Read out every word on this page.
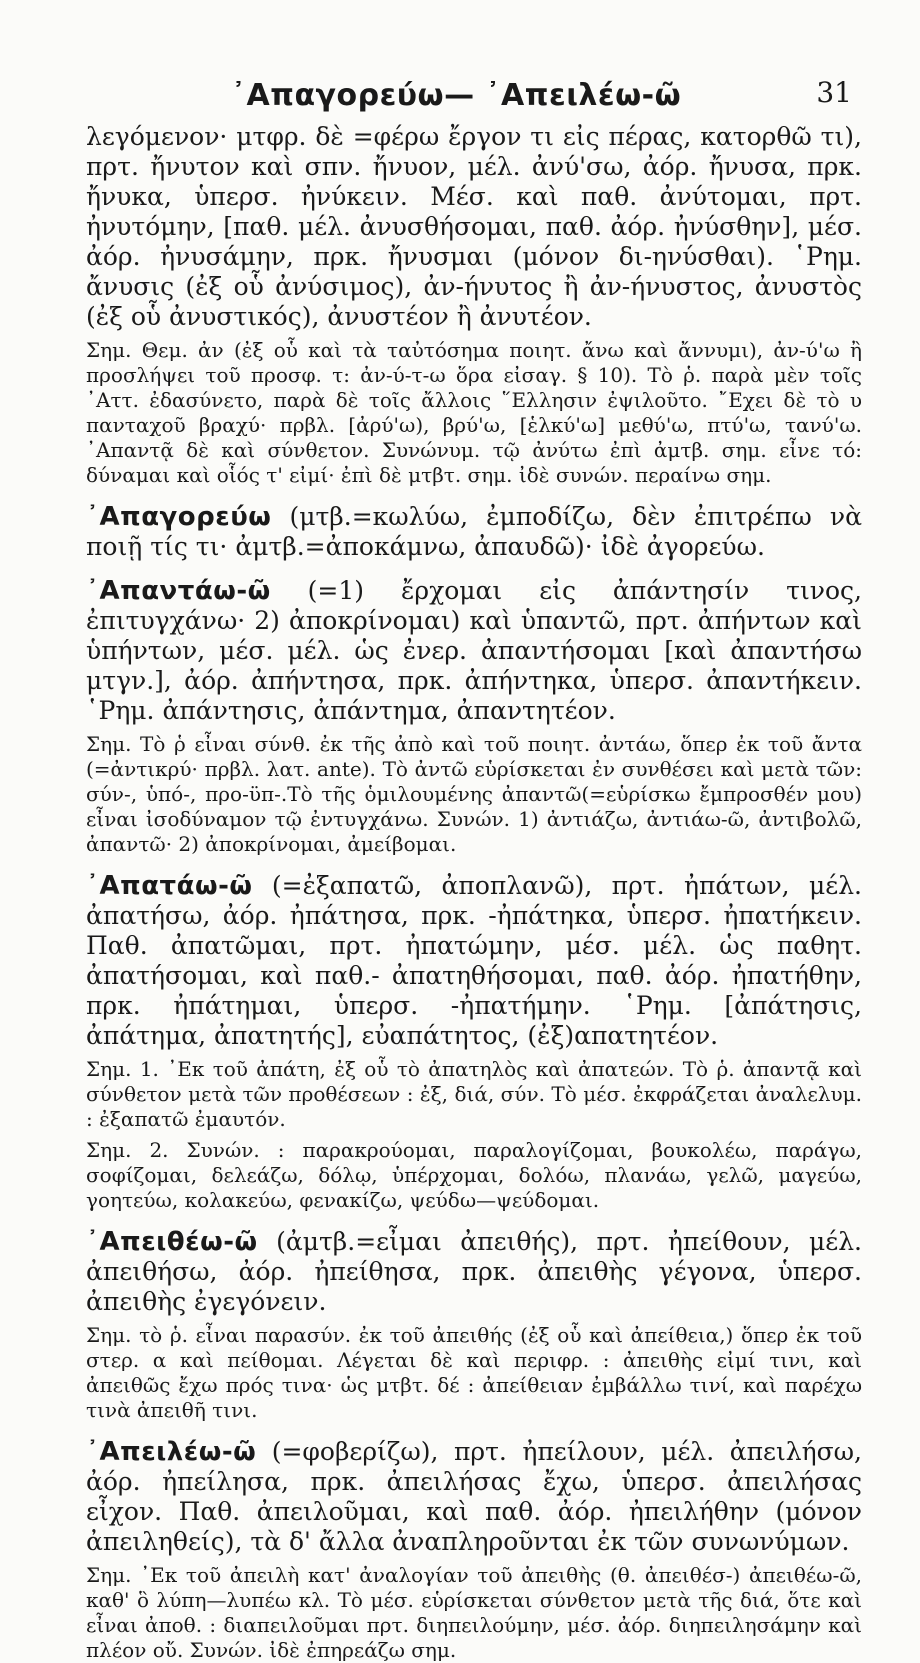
᾿Απαγορεύω— ᾿Απειλέω-ῶ	31

λεγόμενον· μτφρ. δὲ =φέρω ἔργον τι εἰς πέρας, κατορθῶ τι), πρτ. ἤνυτον καὶ σπν. ἤνυον, μέλ. ἀνύ'σω, ἀόρ. ἤνυσα, πρκ. ἤνυκα, ὑπερσ. ἠνύκειν. Μέσ. καὶ παθ. ἀνύτομαι, πρτ. ἠνυτόμην, [παθ. μέλ. ἀνυσθήσομαι, παθ. ἀόρ. ἠνύσθην], μέσ. ἀόρ. ἠνυσάμην, πρκ. ἤνυσμαι (μόνον δι-ηνύσθαι). ῾Ρημ. ἄνυσις (ἐξ οὗ ἀνύσιμος), ἀν-ήνυτος ἢ ἀν-ήνυστος, ἀνυστὸς (ἐξ οὗ ἀνυστικός), ἀνυστέον ἢ ἀνυτέον.

Σημ. Θεμ. ἀν (ἐξ οὗ καὶ τὰ ταὐτόσημα ποιητ. ἄνω καὶ ἄννυμι), ἀν-ύ'ω ἢ προσλήψει τοῦ προσφ. τ: ἀν-ύ-τ-ω ὅρα εἰσαγ. § 10). Τὸ ῥ. παρὰ μὲν τοῖς ᾿Αττ. ἐδασύνετο, παρὰ δὲ τοῖς ἄλλοις ῞Ελλησιν ἐψιλοῦτο. ῎Εχει δὲ τὸ υ πανταχοῦ βραχύ· πρβλ. [ἀρύ'ω), βρύ'ω, [ἑλκύ'ω] μεθύ'ω, πτύ'ω, τανύ'ω. ᾿Απαντᾷ δὲ καὶ σύνθετον. Συνώνυμ. τῷ ἀνύτω ἐπὶ ἀμτβ. σημ. εἶνε τό: δύναμαι καὶ οἷός τ' εἰμί· ἐπὶ δὲ μτβτ. σημ. ἰδὲ συνών. περαίνω σημ.

᾿Απαγορεύω (μτβ.=κωλύω, ἐμποδίζω, δὲν ἐπιτρέπω νὰ ποιῇ τίς τι· ἀμτβ.=ἀποκάμνω, ἀπαυδῶ)· ἰδὲ ἀγορεύω.

᾿Απαντάω-ῶ (=1) ἔρχομαι εἰς ἀπάντησίν τινος, ἐπιτυγχάνω· 2) ἀποκρίνομαι) καὶ ὑπαντῶ, πρτ. ἀπήντων καὶ ὑπήντων, μέσ. μέλ. ὡς ἐνερ. ἀπαντήσομαι [καὶ ἀπαντήσω μτγν.], ἀόρ. ἀπήντησα, πρκ. ἀπήντηκα, ὑπερσ. ἀπαντήκειν. ῾Ρημ. ἀπάντησις, ἀπάντημα, ἀπαντητέον.

Σημ. Τὸ ῥ εἶναι σύνθ. ἐκ τῆς ἀπὸ καὶ τοῦ ποιητ. ἀντάω, ὅπερ ἐκ τοῦ ἄντα (=ἀντικρύ· πρβλ. λατ. ante). Τὸ ἀντῶ εὑρίσκεται ἐν συνθέσει καὶ μετὰ τῶν: σύν-, ὑπό-, προ-ϋπ-.Τὸ τῆς ὁμιλουμένης ἀπαντῶ(=εὑρίσκω ἔμπροσθέν μου) εἶναι ἰσοδύναμον τῷ ἐντυγχάνω. Συνών. 1) ἀντιάζω, ἀντιάω-ῶ, ἀντιβολῶ, ἀπαντῶ· 2) ἀποκρίνομαι, ἀμείβομαι.

᾿Απατάω-ῶ (=ἐξαπατῶ, ἀποπλανῶ), πρτ. ἠπάτων, μέλ. ἀπατήσω, ἀόρ. ἠπάτησα, πρκ. -ἠπάτηκα, ὑπερσ. ἠπατήκειν. Παθ. ἀπατῶμαι, πρτ. ἠπατώμην, μέσ. μέλ. ὡς παθητ. ἀπατήσομαι, καὶ παθ.- ἀπατηθήσομαι, παθ. ἀόρ. ἠπατήθην, πρκ. ἠπάτημαι, ὑπερσ. -ἠπατήμην. ῾Ρημ. [ἀπάτησις, ἀπάτημα, ἀπατητής], εὐαπάτητος, (ἐξ)απατητέον.

Σημ. 1. ᾿Εκ τοῦ ἀπάτη, ἐξ οὗ τὸ ἀπατηλὸς καὶ ἀπατεών. Τὸ ῥ. ἀπαντᾷ καὶ σύνθετον μετὰ τῶν προθέσεων : ἐξ, διά, σύν. Τὸ μέσ. ἐκφράζεται ἀναλελυμ. : ἐξαπατῶ ἐμαυτόν.

Σημ. 2. Συνών. : παρακρούομαι, παραλογίζομαι, βουκολέω, παράγω, σοφίζομαι, δελεάζω, δόλῳ, ὑπέρχομαι, δολόω, πλανάω, γελῶ, μαγεύω, γοητεύω, κολακεύω, φενακίζω, ψεύδω—ψεύδομαι.

᾿Απειθέω-ῶ (ἀμτβ.=εἶμαι ἀπειθής), πρτ. ἠπείθουν, μέλ. ἀπειθήσω, ἀόρ. ἠπείθησα, πρκ. ἀπειθὴς γέγονα, ὑπερσ. ἀπειθὴς ἐγεγόνειν.

Σημ. τὸ ῥ. εἶναι παρασύν. ἐκ τοῦ ἀπειθής (ἐξ οὗ καὶ ἀπείθεια,) ὅπερ ἐκ τοῦ στερ. α καὶ πείθομαι. Λέγεται δὲ καὶ περιφρ. : ἀπειθὴς εἰμί τινι, καὶ ἀπειθῶς ἔχω πρός τινα· ὡς μτβτ. δέ : ἀπείθειαν ἐμβάλλω τινί, καὶ παρέχω τινὰ ἀπειθῆ τινι.

᾿Απειλέω-ῶ (=φοβερίζω), πρτ. ἠπείλουν, μέλ. ἀπειλήσω, ἀόρ. ἠπείλησα, πρκ. ἀπειλήσας ἔχω, ὑπερσ. ἀπειλήσας εἶχον. Παθ. ἀπειλοῦμαι, καὶ παθ. ἀόρ. ἠπειλήθην (μόνον ἀπειληθείς), τὰ δ' ἄλλα ἀναπληροῦνται ἐκ τῶν συνωνύμων.

Σημ. ᾿Εκ τοῦ ἀπειλὴ κατ' ἀναλογίαν τοῦ ἀπειθὴς (θ. ἀπειθέσ-) ἀπειθέω-ῶ, καθ' ὃ λύπη—λυπέω κλ. Τὸ μέσ. εὑρίσκεται σύνθετον μετὰ τῆς διά, ὅτε καὶ εἶναι ἀποθ. : διαπειλοῦμαι πρτ. διηπειλούμην, μέσ. ἀόρ. διηπειλησάμην καὶ πλέον οὔ. Συνών. ἰδὲ ἐπηρεάζω σημ.
